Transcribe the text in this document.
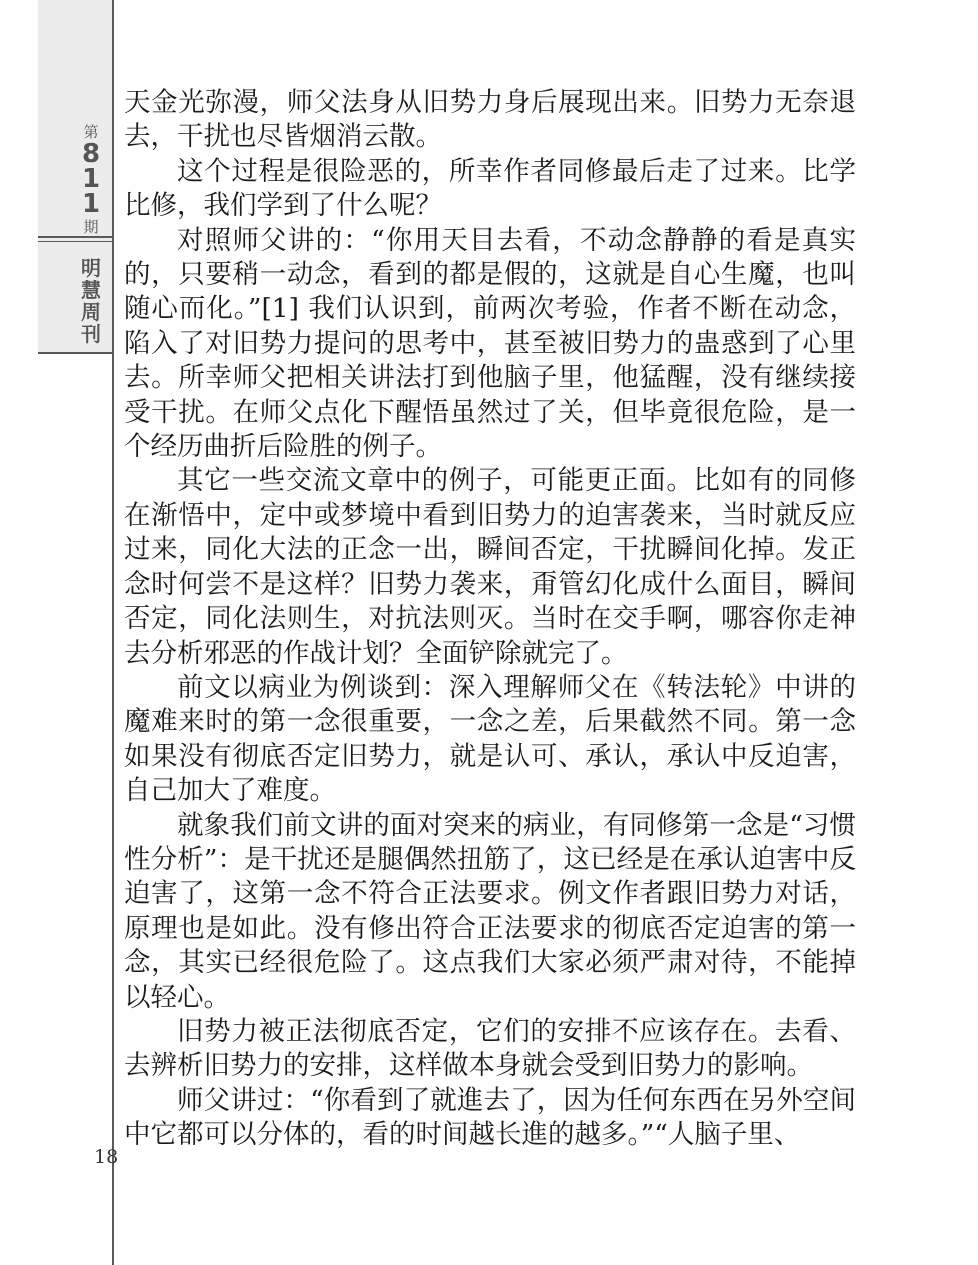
第
8
1
1
期
明
慧
周
刊
18

天金光弥漫，师父法身从旧势力身后展现出来。旧势力无奈退去，干扰也尽皆烟消云散。

这个过程是很险恶的，所幸作者同修最后走了过来。比学比修，我们学到了什么呢？

对照师父讲的：“你用天目去看，不动念静静的看是真实的，只要稍一动念，看到的都是假的，这就是自心生魔，也叫随心而化。”[1] 我们认识到，前两次考验，作者不断在动念，陷入了对旧势力提问的思考中，甚至被旧势力的蛊惑到了心里去。所幸师父把相关讲法打到他脑子里，他猛醒，没有继续接受干扰。在师父点化下醒悟虽然过了关，但毕竟很危险，是一个经历曲折后险胜的例子。

其它一些交流文章中的例子，可能更正面。比如有的同修在渐悟中，定中或梦境中看到旧势力的迫害袭来，当时就反应过来，同化大法的正念一出，瞬间否定，干扰瞬间化掉。发正念时何尝不是这样？旧势力袭来，甭管幻化成什么面目，瞬间否定，同化法则生，对抗法则灭。当时在交手啊，哪容你走神去分析邪恶的作战计划？全面铲除就完了。

前文以病业为例谈到：深入理解师父在《转法轮》中讲的魔难来时的第一念很重要，一念之差，后果截然不同。第一念如果没有彻底否定旧势力，就是认可、承认，承认中反迫害，自己加大了难度。

就象我们前文讲的面对突来的病业，有同修第一念是“习惯性分析”：是干扰还是腿偶然扭筋了，这已经是在承认迫害中反迫害了，这第一念不符合正法要求。例文作者跟旧势力对话，原理也是如此。没有修出符合正法要求的彻底否定迫害的第一念，其实已经很危险了。这点我们大家必须严肃对待，不能掉以轻心。

旧势力被正法彻底否定，它们的安排不应该存在。去看、去辨析旧势力的安排，这样做本身就会受到旧势力的影响。

师父讲过：“你看到了就進去了，因为任何东西在另外空间中它都可以分体的，看的时间越长進的越多。”“人脑子里、
